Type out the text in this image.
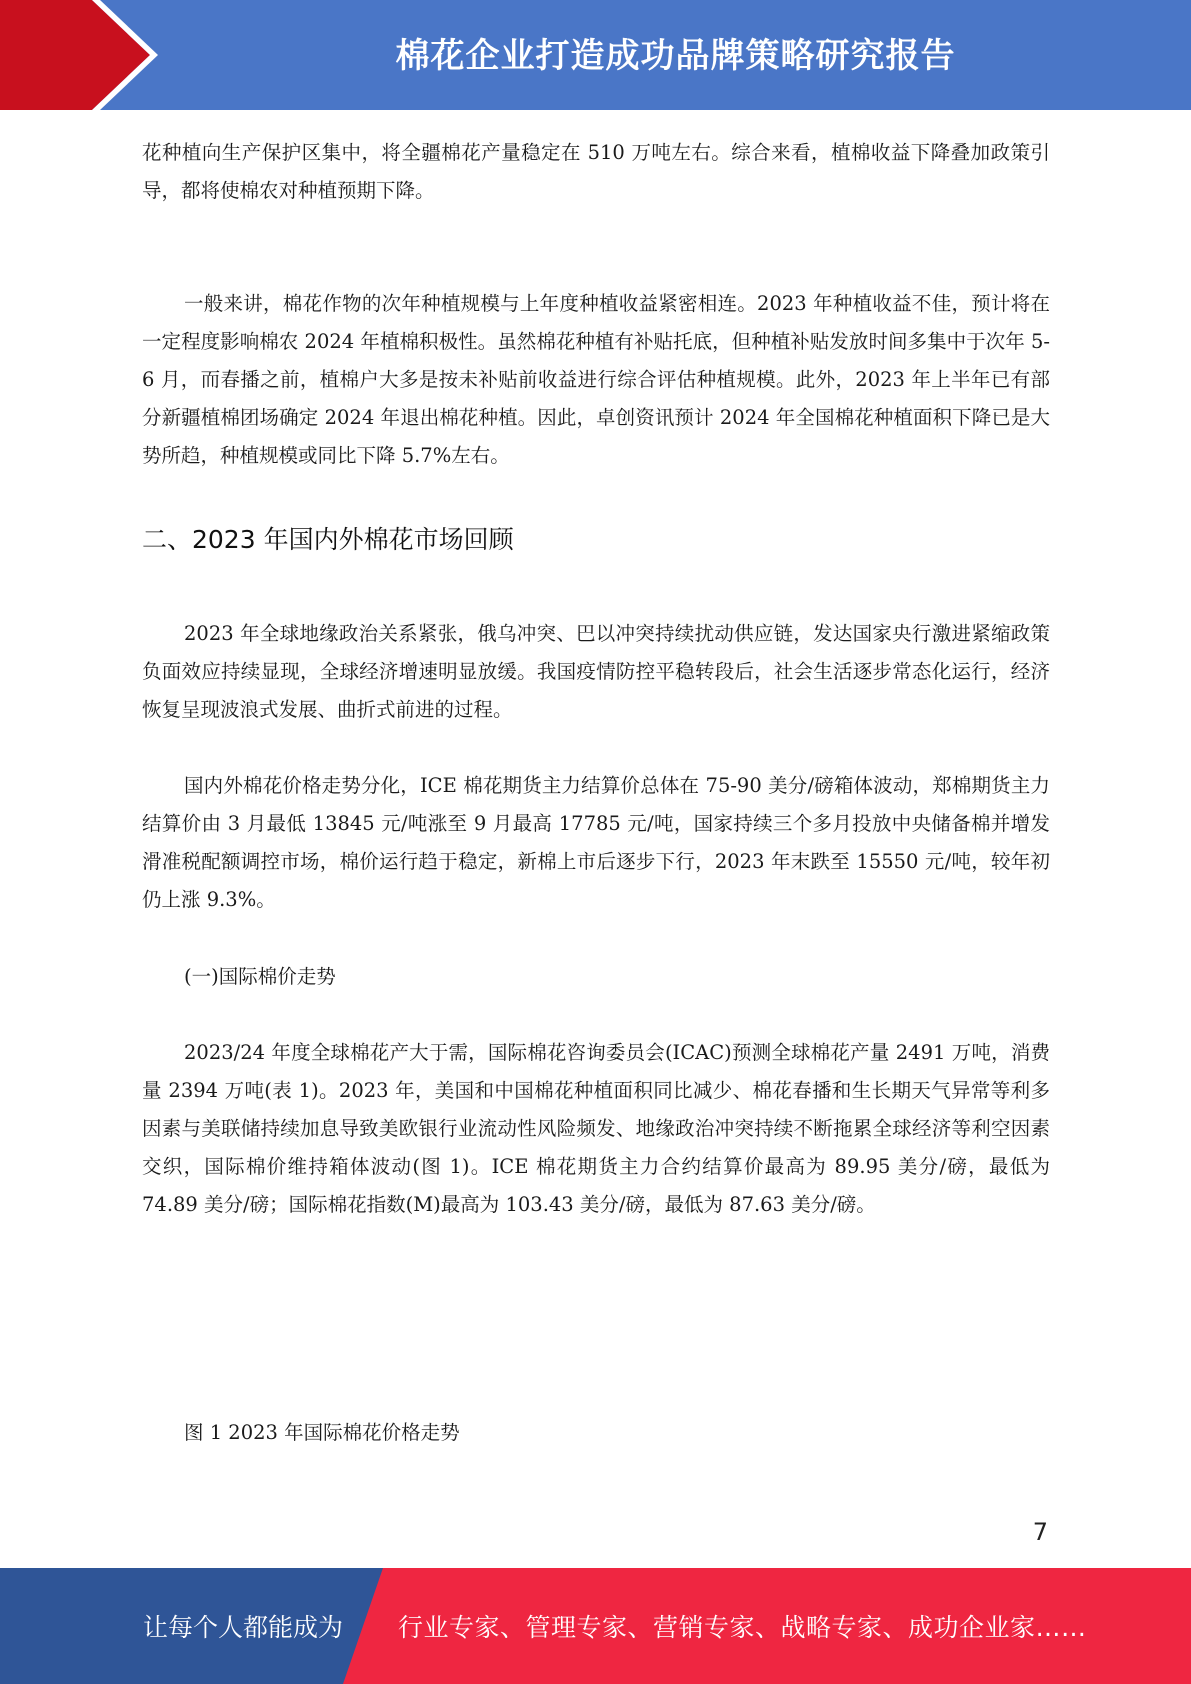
棉花企业打造成功品牌策略研究报告

花种植向生产保护区集中，将全疆棉花产量稳定在 510 万吨左右。综合来看，植棉收益下降叠加政策引导，都将使棉农对种植预期下降。

一般来讲，棉花作物的次年种植规模与上年度种植收益紧密相连。2023 年种植收益不佳，预计将在一定程度影响棉农 2024 年植棉积极性。虽然棉花种植有补贴托底，但种植补贴发放时间多集中于次年 5-6 月，而春播之前，植棉户大多是按未补贴前收益进行综合评估种植规模。此外，2023 年上半年已有部分新疆植棉团场确定 2024 年退出棉花种植。因此，卓创资讯预计 2024 年全国棉花种植面积下降已是大势所趋，种植规模或同比下降 5.7%左右。

二、2023 年国内外棉花市场回顾

2023 年全球地缘政治关系紧张，俄乌冲突、巴以冲突持续扰动供应链，发达国家央行激进紧缩政策负面效应持续显现，全球经济增速明显放缓。我国疫情防控平稳转段后，社会生活逐步常态化运行，经济恢复呈现波浪式发展、曲折式前进的过程。

国内外棉花价格走势分化，ICE 棉花期货主力结算价总体在 75-90 美分/磅箱体波动，郑棉期货主力结算价由 3 月最低 13845 元/吨涨至 9 月最高 17785 元/吨，国家持续三个多月投放中央储备棉并增发滑准税配额调控市场，棉价运行趋于稳定，新棉上市后逐步下行，2023 年末跌至 15550 元/吨，较年初仍上涨 9.3%。

(一)国际棉价走势

2023/24 年度全球棉花产大于需，国际棉花咨询委员会(ICAC)预测全球棉花产量 2491 万吨，消费量 2394 万吨(表 1)。2023 年，美国和中国棉花种植面积同比减少、棉花春播和生长期天气异常等利多因素与美联储持续加息导致美欧银行业流动性风险频发、地缘政治冲突持续不断拖累全球经济等利空因素交织，国际棉价维持箱体波动(图 1)。ICE 棉花期货主力合约结算价最高为 89.95 美分/磅，最低为 74.89 美分/磅；国际棉花指数(M)最高为 103.43 美分/磅，最低为 87.63 美分/磅。

图 1 2023 年国际棉花价格走势

7
让每个人都能成为 行业专家、管理专家、营销专家、战略专家、成功企业家……
